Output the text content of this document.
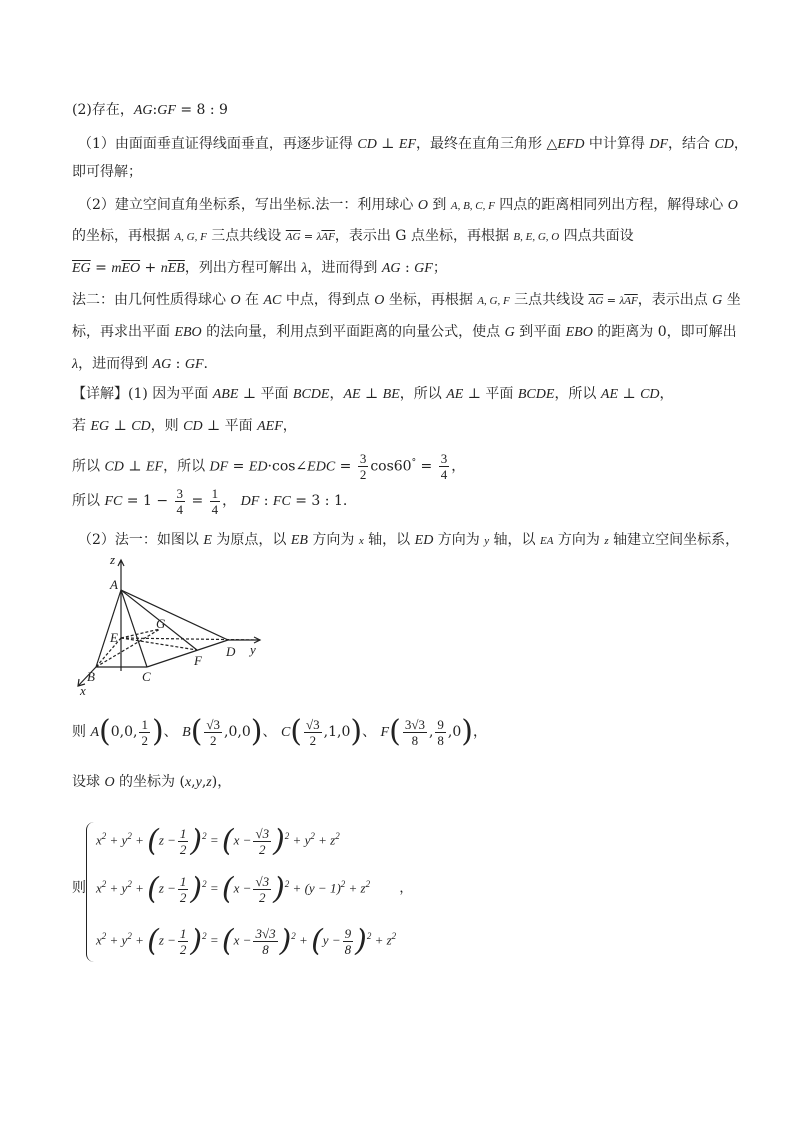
(2)存在，AG:GF = 8 : 9
（1）由面面垂直证得线面垂直，再逐步证得 CD ⊥ EF，最终在直角三角形 △EFD 中计算得 DF，结合 CD，
即可得解；
（2）建立空间直角坐标系，写出坐标.法一：利用球心 O 到 A, B, C, F 四点的距离相同列出方程，解得球心 O
的坐标，再根据 A, G, F 三点共线设 $\overline{AG} = \lambda\overline{AF}$，表示出 G 点坐标，再根据 B, E, G, O 四点共面设
$\overline{EG} = m\overline{EO} + n\overline{EB}$，列出方程可解出 λ，进而得到 AG : GF；
法二：由几何性质得球心 O 在 AC 中点，得到点 O 坐标，再根据 A, G, F 三点共线设 $\overline{AG} = \lambda\overline{AF}$，表示出点 G 坐
标，再求出平面 EBO 的法向量，利用点到平面距离的向量公式，使点 G 到平面 EBO 的距离为 0，即可解出
λ，进而得到 AG : GF.
【详解】(1) 因为平面 ABE ⊥ 平面 BCDE，AE ⊥ BE，所以 AE ⊥ 平面 BCDE，所以 AE ⊥ CD，
若 EG ⊥ CD，则 CD ⊥ 平面 AEF，
所以 CD ⊥ EF，所以 DF = ED·cos∠EDC = $\frac{3}{2} \cos 60^\circ = \frac{3}{4}$ ，
所以 FC = $1 - \frac{3}{4} = \frac{1}{4}$ ， DF : FC = 3 : 1.
（2）法一：如图以 E 为原点，以 EB 方向为 x 轴，以 ED 方向为 y 轴，以 EA 方向为 z 轴建立空间坐标系，
z
A
E
G
F
D y
B	C
x
则 A(0,0, $\frac{1}{2}$ )、 $B( \frac{√3}{2} ,0,0)$、 $C( \frac{√3}{2} ,1,0)$、 $F( \frac{3√3}{8}$ , $\frac{9}{8} ,0$)，
设球 O 的坐标为 (x,y,z)，
则
$x^2 + y^2 + (z - \frac{1}{2} )^2 = (x - \frac{√3}{2} )^2 + y^2 + z^2$
$x^2 + y^2 + (z - \frac{1}{2} )^2 = (x - \frac{√3}{2} )^2 + (y - 1)^2 + z^2$ ，
$x^2 + y^2 + (z - \frac{1}{2} )^2 = (x - \frac{3√3}{8} )^2 + (y - \frac{9}{8} )^2 + z^2$
